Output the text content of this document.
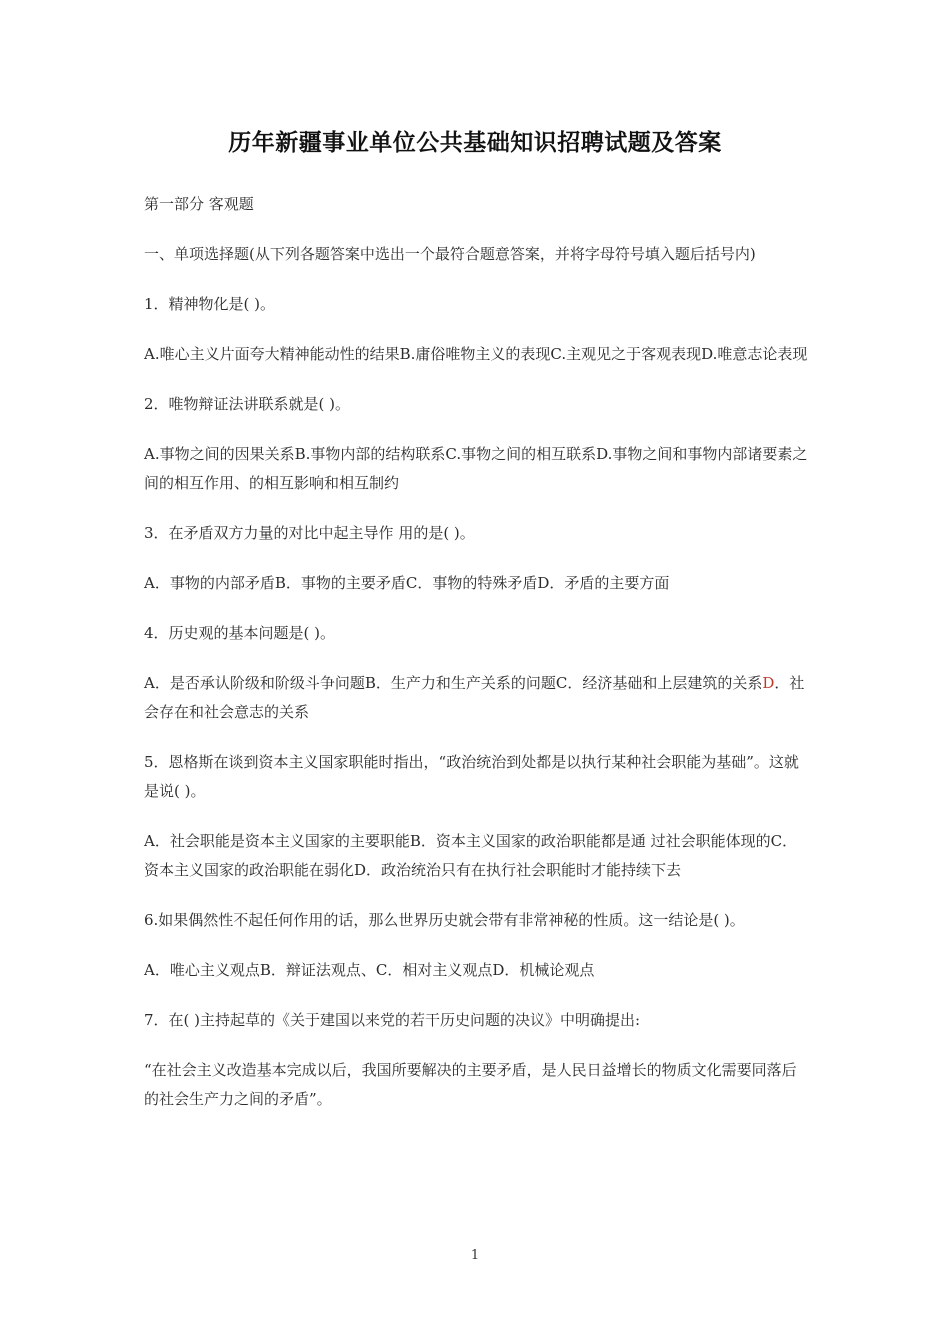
历年新疆事业单位公共基础知识招聘试题及答案

第一部分 客观题

一、单项选择题(从下列各题答案中选出一个最符合题意答案，并将字母符号填入题后括号内)

1．精神物化是( )。

A.唯心主义片面夸大精神能动性的结果B.庸俗唯物主义的表现C.主观见之于客观表现D.唯意志论表现

2．唯物辩证法讲联系就是( )。

A.事物之间的因果关系B.事物内部的结构联系C.事物之间的相互联系D.事物之间和事物内部诸要素之间的相互作用、的相互影响和相互制约

3．在矛盾双方力量的对比中起主导作 用的是( )。

A．事物的内部矛盾B．事物的主要矛盾C．事物的特殊矛盾D．矛盾的主要方面

4．历史观的基本问题是( )。

A．是否承认阶级和阶级斗争问题B．生产力和生产关系的问题C．经济基础和上层建筑的关系D．社会存在和社会意志的关系

5．恩格斯在谈到资本主义国家职能时指出，“政治统治到处都是以执行某种社会职能为基础”。这就是说( )。

A．社会职能是资本主义国家的主要职能B．资本主义国家的政治职能都是通 过社会职能体现的C．资本主义国家的政治职能在弱化D．政治统治只有在执行社会职能时才能持续下去

6.如果偶然性不起任何作用的话，那么世界历史就会带有非常神秘的性质。这一结论是( )。

A．唯心主义观点B．辩证法观点、C．相对主义观点D．机械论观点

7．在( )主持起草的《关于建国以来党的若干历史问题的决议》中明确提出:

“在社会主义改造基本完成以后，我国所要解决的主要矛盾，是人民日益增长的物质文化需要同落后的社会生产力之间的矛盾”。

1
